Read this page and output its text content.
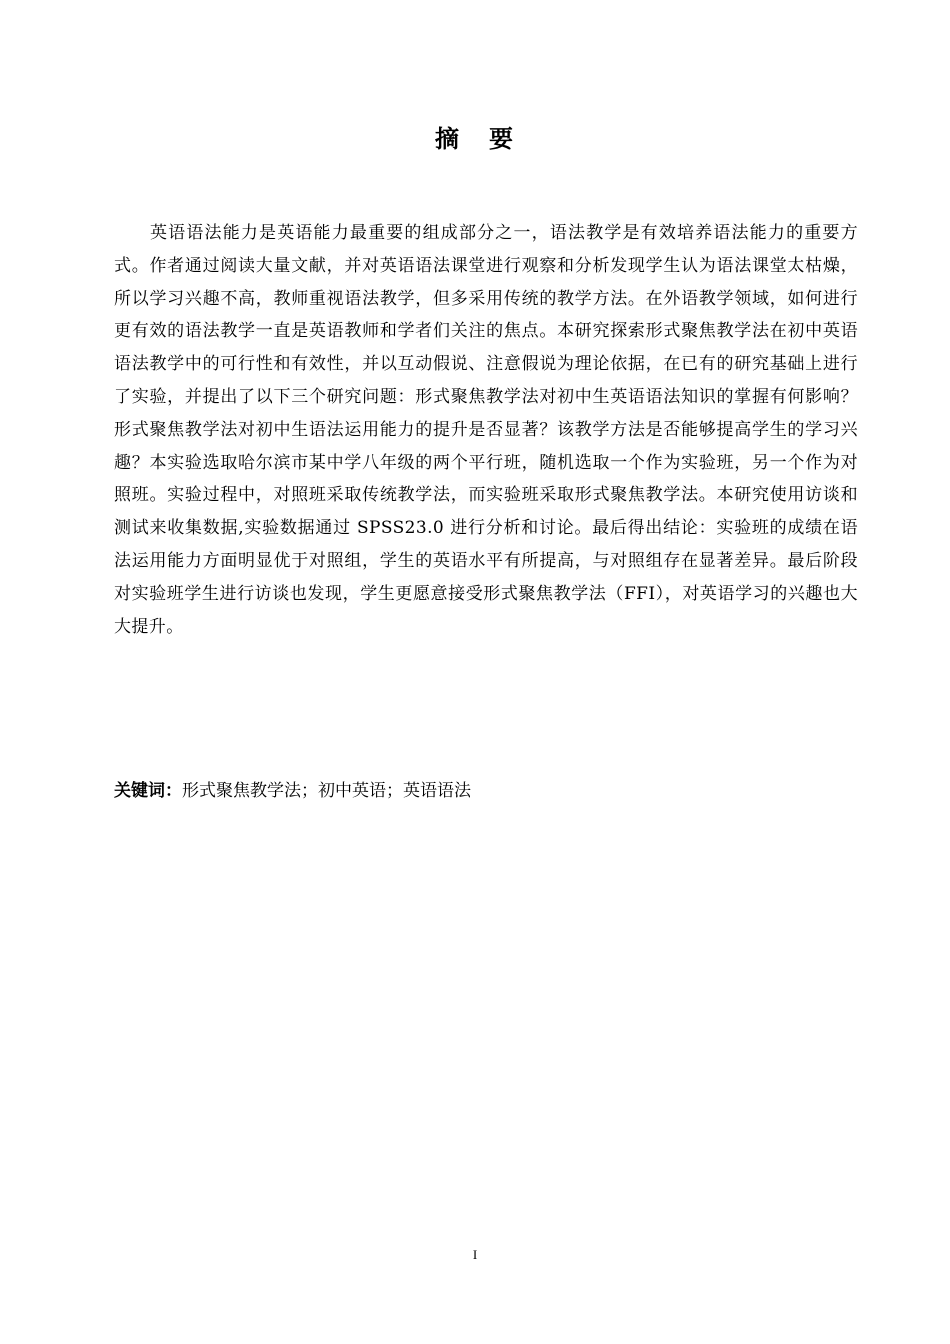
摘 要

英语语法能力是英语能力最重要的组成部分之一，语法教学是有效培养语法能力的重要方式。作者通过阅读大量文献，并对英语语法课堂进行观察和分析发现学生认为语法课堂太枯燥，所以学习兴趣不高，教师重视语法教学，但多采用传统的教学方法。在外语教学领域，如何进行更有效的语法教学一直是英语教师和学者们关注的焦点。本研究探索形式聚焦教学法在初中英语语法教学中的可行性和有效性，并以互动假说、注意假说为理论依据，在已有的研究基础上进行了实验，并提出了以下三个研究问题：形式聚焦教学法对初中生英语语法知识的掌握有何影响？形式聚焦教学法对初中生语法运用能力的提升是否显著？该教学方法是否能够提高学生的学习兴趣？本实验选取哈尔滨市某中学八年级的两个平行班，随机选取一个作为实验班，另一个作为对照班。实验过程中，对照班采取传统教学法，而实验班采取形式聚焦教学法。本研究使用访谈和测试来收集数据,实验数据通过 SPSS23.0 进行分析和讨论。最后得出结论：实验班的成绩在语法运用能力方面明显优于对照组，学生的英语水平有所提高，与对照组存在显著差异。最后阶段对实验班学生进行访谈也发现，学生更愿意接受形式聚焦教学法（FFI），对英语学习的兴趣也大大提升。

关键词：形式聚焦教学法；初中英语；英语语法
I
